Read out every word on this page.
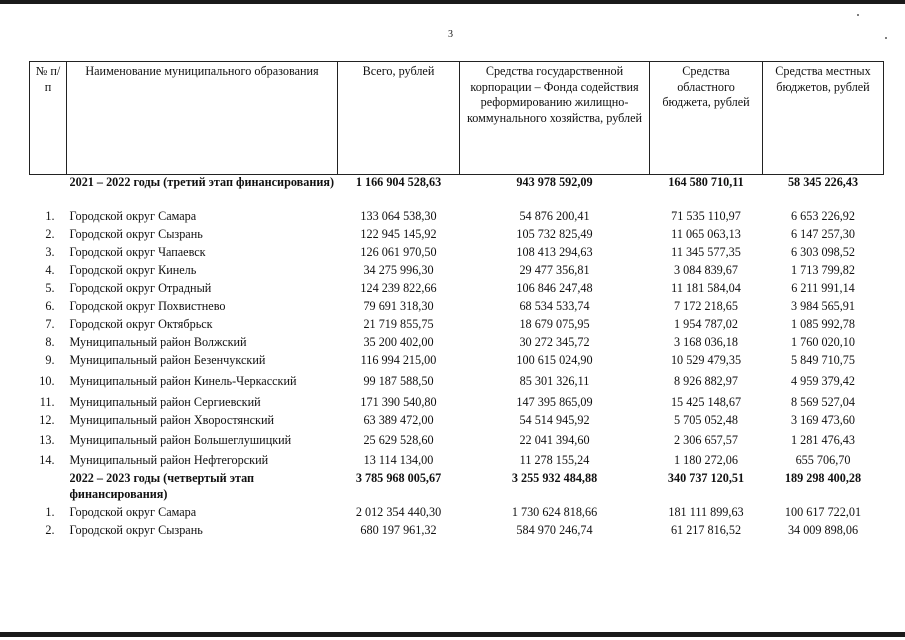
3
№ п/п	Наименование муниципального образования	Всего, рублей	Средства государственной корпорации – Фонда содействия реформированию жилищно-коммунального хозяйства, рублей	Средства областного бюджета, рублей	Средства местных бюджетов, рублей
	2021 – 2022 годы (третий этап финансирования)	1 166 904 528,63	943 978 592,09	164 580 710,11	58 345 226,43
1.	Городской округ Самара	133 064 538,30	54 876 200,41	71 535 110,97	6 653 226,92
2.	Городской округ Сызрань	122 945 145,92	105 732 825,49	11 065 063,13	6 147 257,30
3.	Городской округ Чапаевск	126 061 970,50	108 413 294,63	11 345 577,35	6 303 098,52
4.	Городской округ Кинель	34 275 996,30	29 477 356,81	3 084 839,67	1 713 799,82
5.	Городской округ Отрадный	124 239 822,66	106 846 247,48	11 181 584,04	6 211 991,14
6.	Городской округ Похвистнево	79 691 318,30	68 534 533,74	7 172 218,65	3 984 565,91
7.	Городской округ Октябрьск	21 719 855,75	18 679 075,95	1 954 787,02	1 085 992,78
8.	Муниципальный район Волжский	35 200 402,00	30 272 345,72	3 168 036,18	1 760 020,10
9.	Муниципальный район Безенчукский	116 994 215,00	100 615 024,90	10 529 479,35	5 849 710,75
10.	Муниципальный район Кинель-Черкасский	99 187 588,50	85 301 326,11	8 926 882,97	4 959 379,42
11.	Муниципальный район Сергиевский	171 390 540,80	147 395 865,09	15 425 148,67	8 569 527,04
12.	Муниципальный район Хворостянский	63 389 472,00	54 514 945,92	5 705 052,48	3 169 473,60
13.	Муниципальный район Большеглушицкий	25 629 528,60	22 041 394,60	2 306 657,57	1 281 476,43
14.	Муниципальный район Нефтегорский	13 114 134,00	11 278 155,24	1 180 272,06	655 706,70
	2022 – 2023 годы (четвертый этап финансирования)	3 785 968 005,67	3 255 932 484,88	340 737 120,51	189 298 400,28
1.	Городской округ Самара	2 012 354 440,30	1 730 624 818,66	181 111 899,63	100 617 722,01
2.	Городской округ Сызрань	680 197 961,32	584 970 246,74	61 217 816,52	34 009 898,06
